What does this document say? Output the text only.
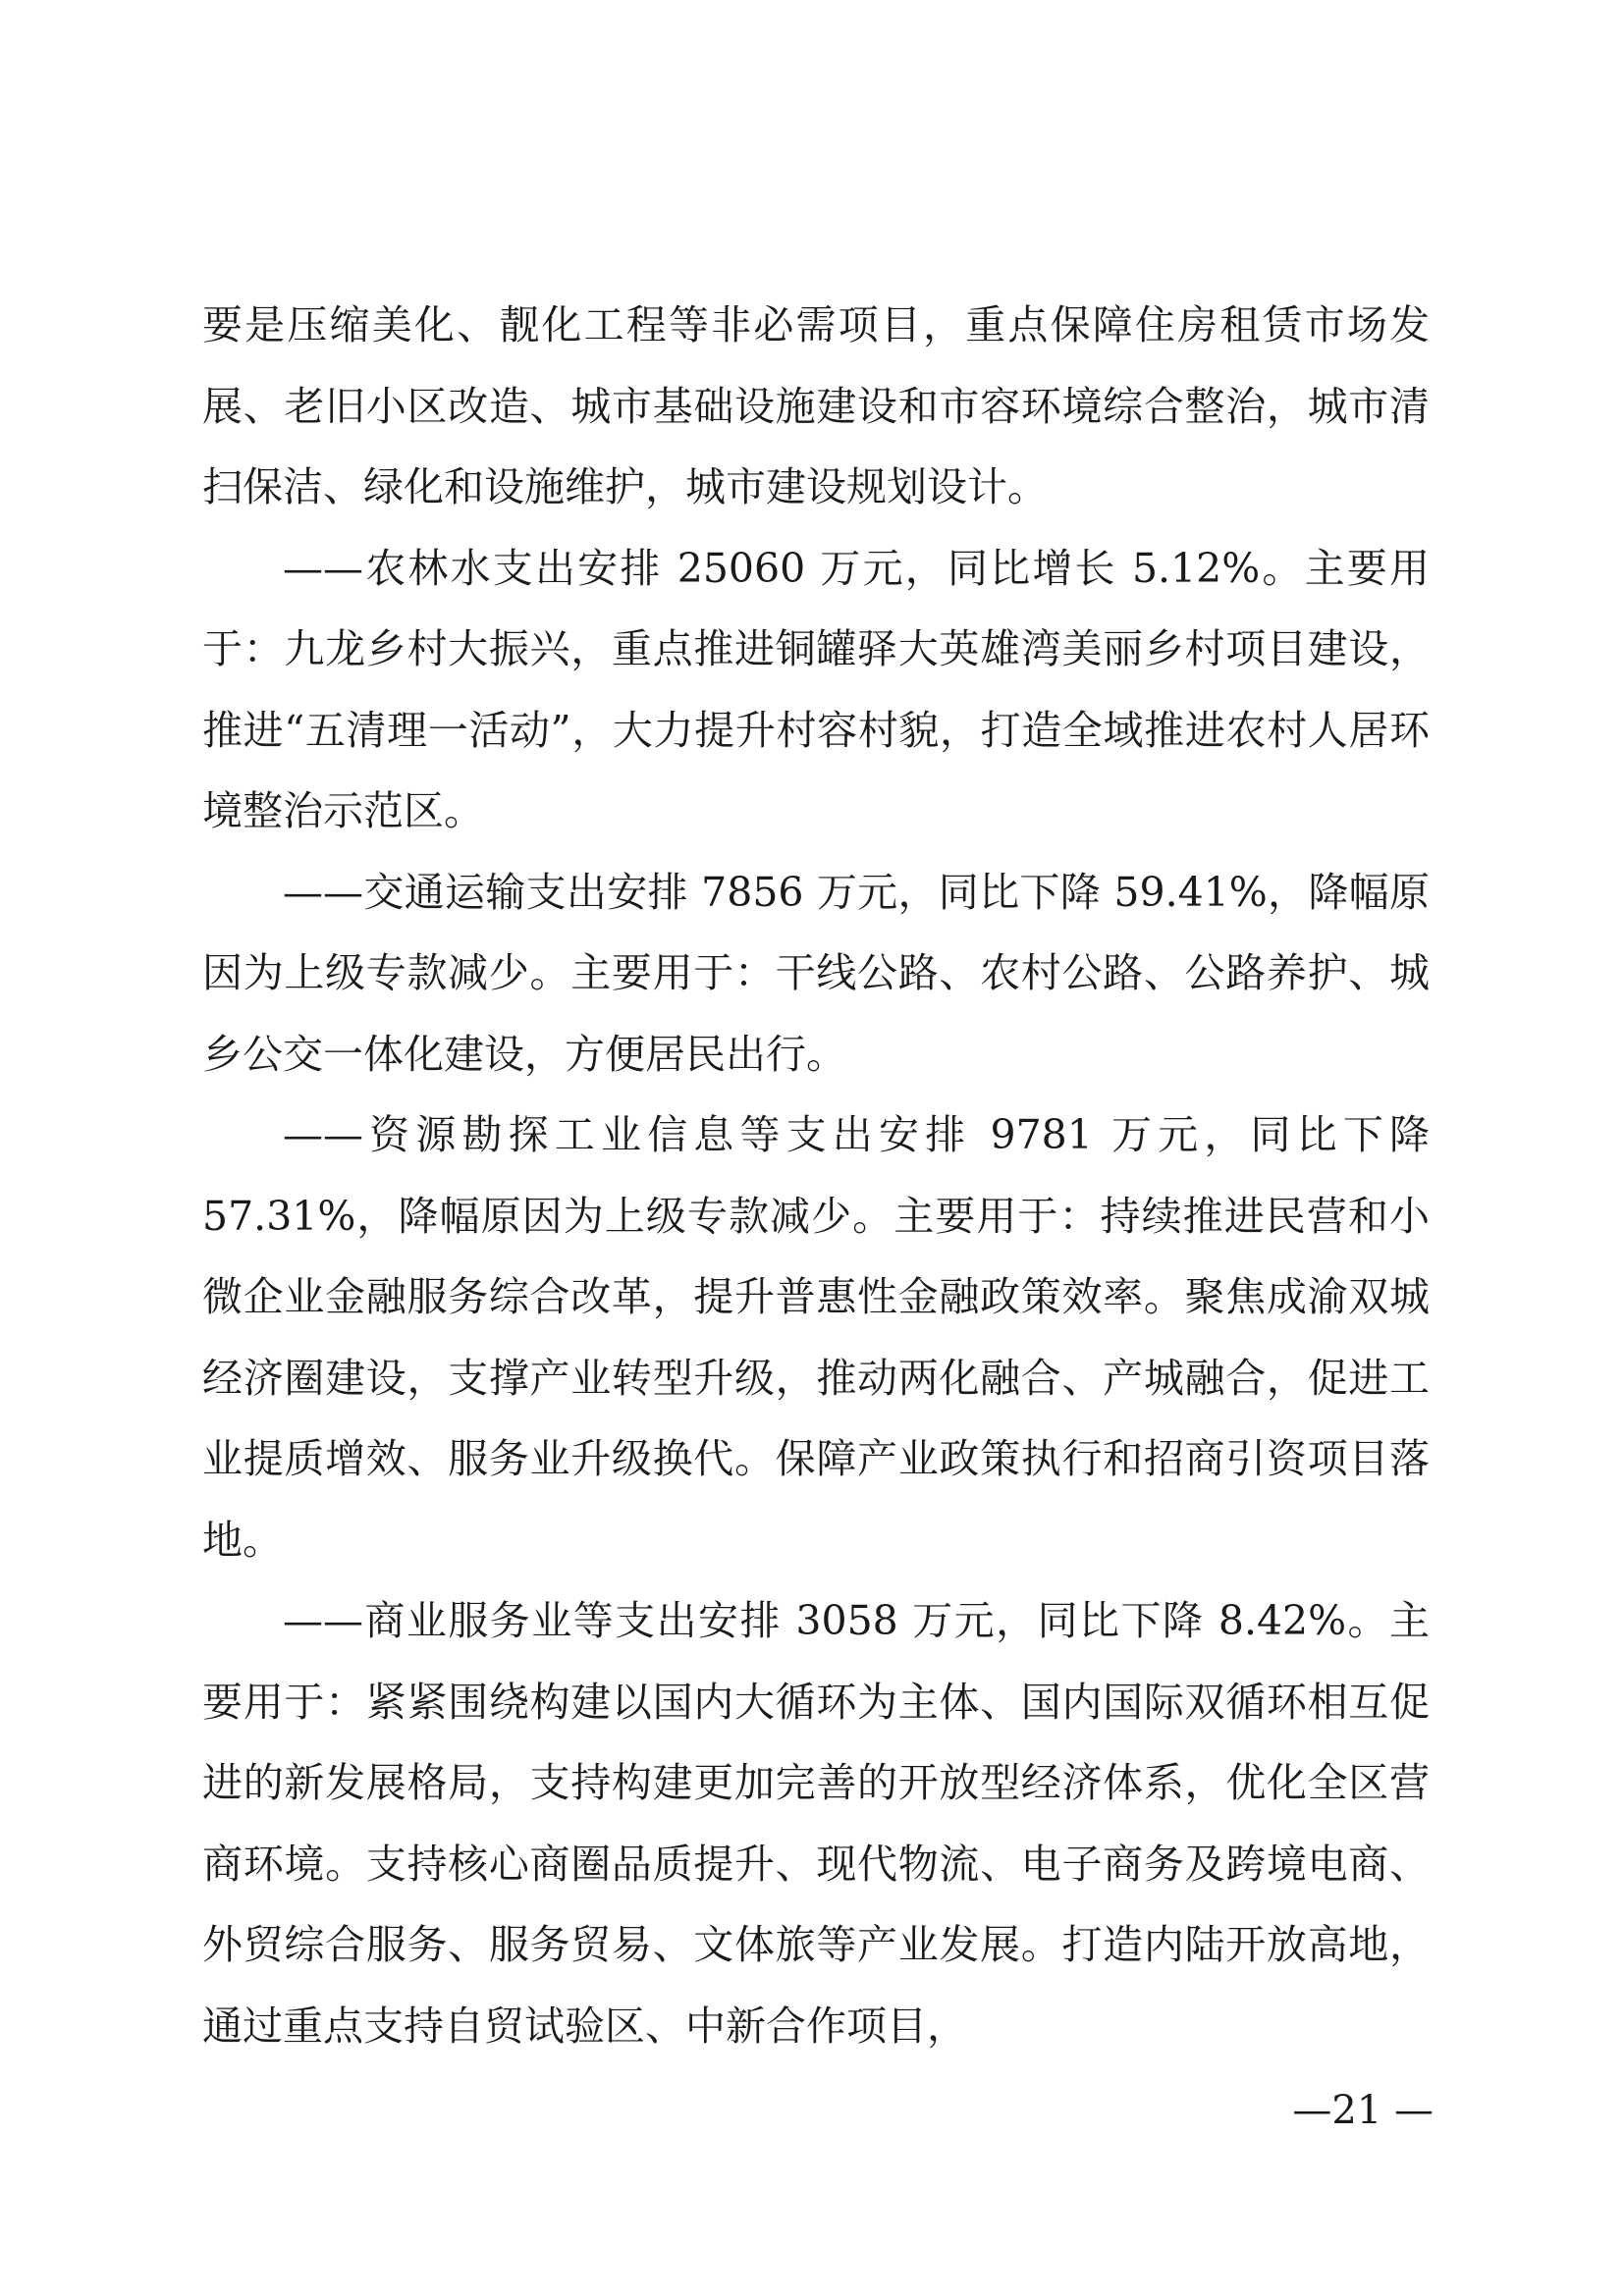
要是压缩美化、靓化工程等非必需项目，重点保障住房租赁市场发展、老旧小区改造、城市基础设施建设和市容环境综合整治，城市清扫保洁、绿化和设施维护，城市建设规划设计。

——农林水支出安排 25060 万元，同比增长 5.12%。主要用于：九龙乡村大振兴，重点推进铜罐驿大英雄湾美丽乡村项目建设，推进“五清理一活动”，大力提升村容村貌，打造全域推进农村人居环境整治示范区。

——交通运输支出安排 7856 万元，同比下降 59.41%，降幅原因为上级专款减少。主要用于：干线公路、农村公路、公路养护、城乡公交一体化建设，方便居民出行。

——资源勘探工业信息等支出安排 9781 万元，同比下降 57.31%，降幅原因为上级专款减少。主要用于：持续推进民营和小微企业金融服务综合改革，提升普惠性金融政策效率。聚焦成渝双城经济圈建设，支撑产业转型升级，推动两化融合、产城融合，促进工业提质增效、服务业升级换代。保障产业政策执行和招商引资项目落地。

——商业服务业等支出安排 3058 万元，同比下降 8.42%。主要用于：紧紧围绕构建以国内大循环为主体、国内国际双循环相互促进的新发展格局，支持构建更加完善的开放型经济体系，优化全区营商环境。支持核心商圈品质提升、现代物流、电子商务及跨境电商、外贸综合服务、服务贸易、文体旅等产业发展。打造内陆开放高地，通过重点支持自贸试验区、中新合作项目，

—21 —
